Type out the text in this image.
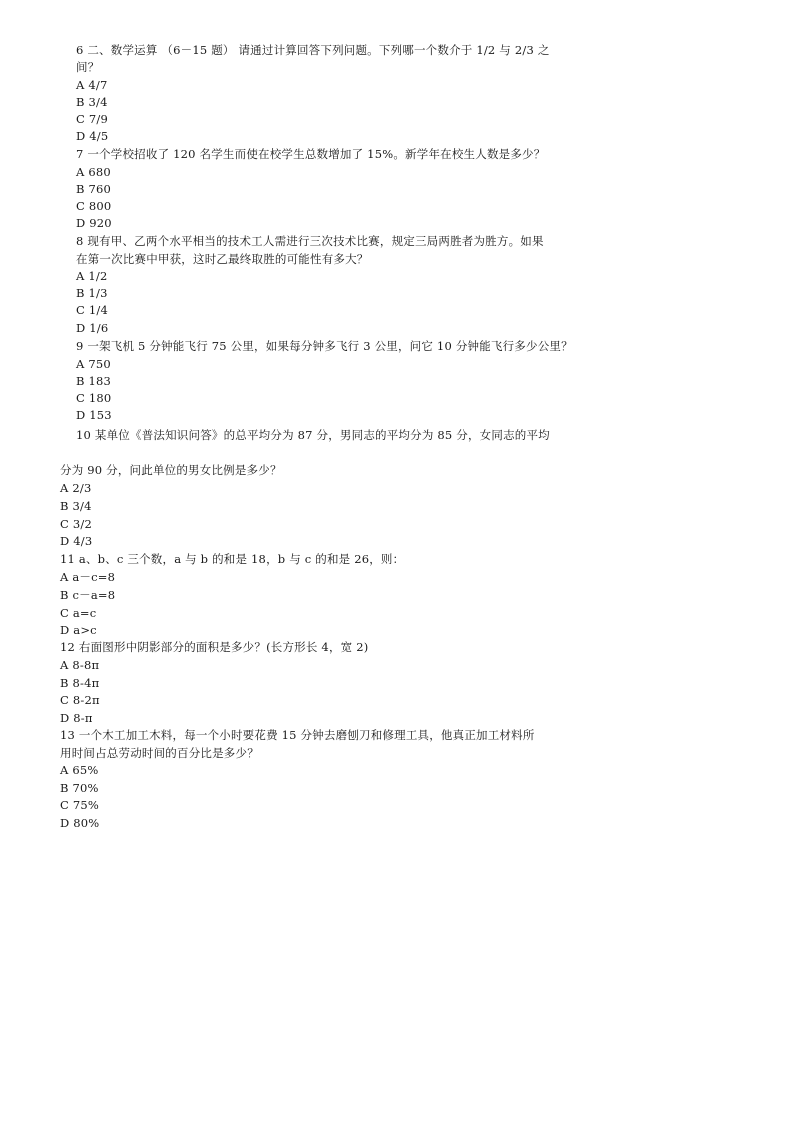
6 二、数学运算 （6－15 题） 请通过计算回答下列问题。下列哪一个数介于 1/2 与 2/3 之
间？
A 4/7
B 3/4
C 7/9
D 4/5
7 一个学校招收了 120 名学生而使在校学生总数增加了 15%。新学年在校生人数是多少？
A 680
B 760
C 800
D 920
8 现有甲、乙两个水平相当的技术工人需进行三次技术比赛，规定三局两胜者为胜方。如果
在第一次比赛中甲获，这时乙最终取胜的可能性有多大？
A 1/2
B 1/3
C 1/4
D 1/6
9 一架飞机 5 分钟能飞行 75 公里，如果每分钟多飞行 3 公里，问它 10 分钟能飞行多少公里？
A 750
B 183
C 180
D 153
10 某单位《普法知识问答》的总平均分为 87 分，男同志的平均分为 85 分，女同志的平均
分为 90 分，问此单位的男女比例是多少？
A 2/3
B 3/4
C 3/2
D 4/3
11 a、b、c 三个数，a 与 b 的和是 18，b 与 c 的和是 26，则：
A a－c=8
B c－a=8
C a=c
D a>c
12 右面图形中阴影部分的面积是多少？(长方形长 4，宽 2)
A 8-8π
B 8-4π
C 8-2π
D 8-π
13 一个木工加工木料，每一个小时要花费 15 分钟去磨刨刀和修理工具，他真正加工材料所
用时间占总劳动时间的百分比是多少？
A 65%
B 70%
C 75%
D 80%
